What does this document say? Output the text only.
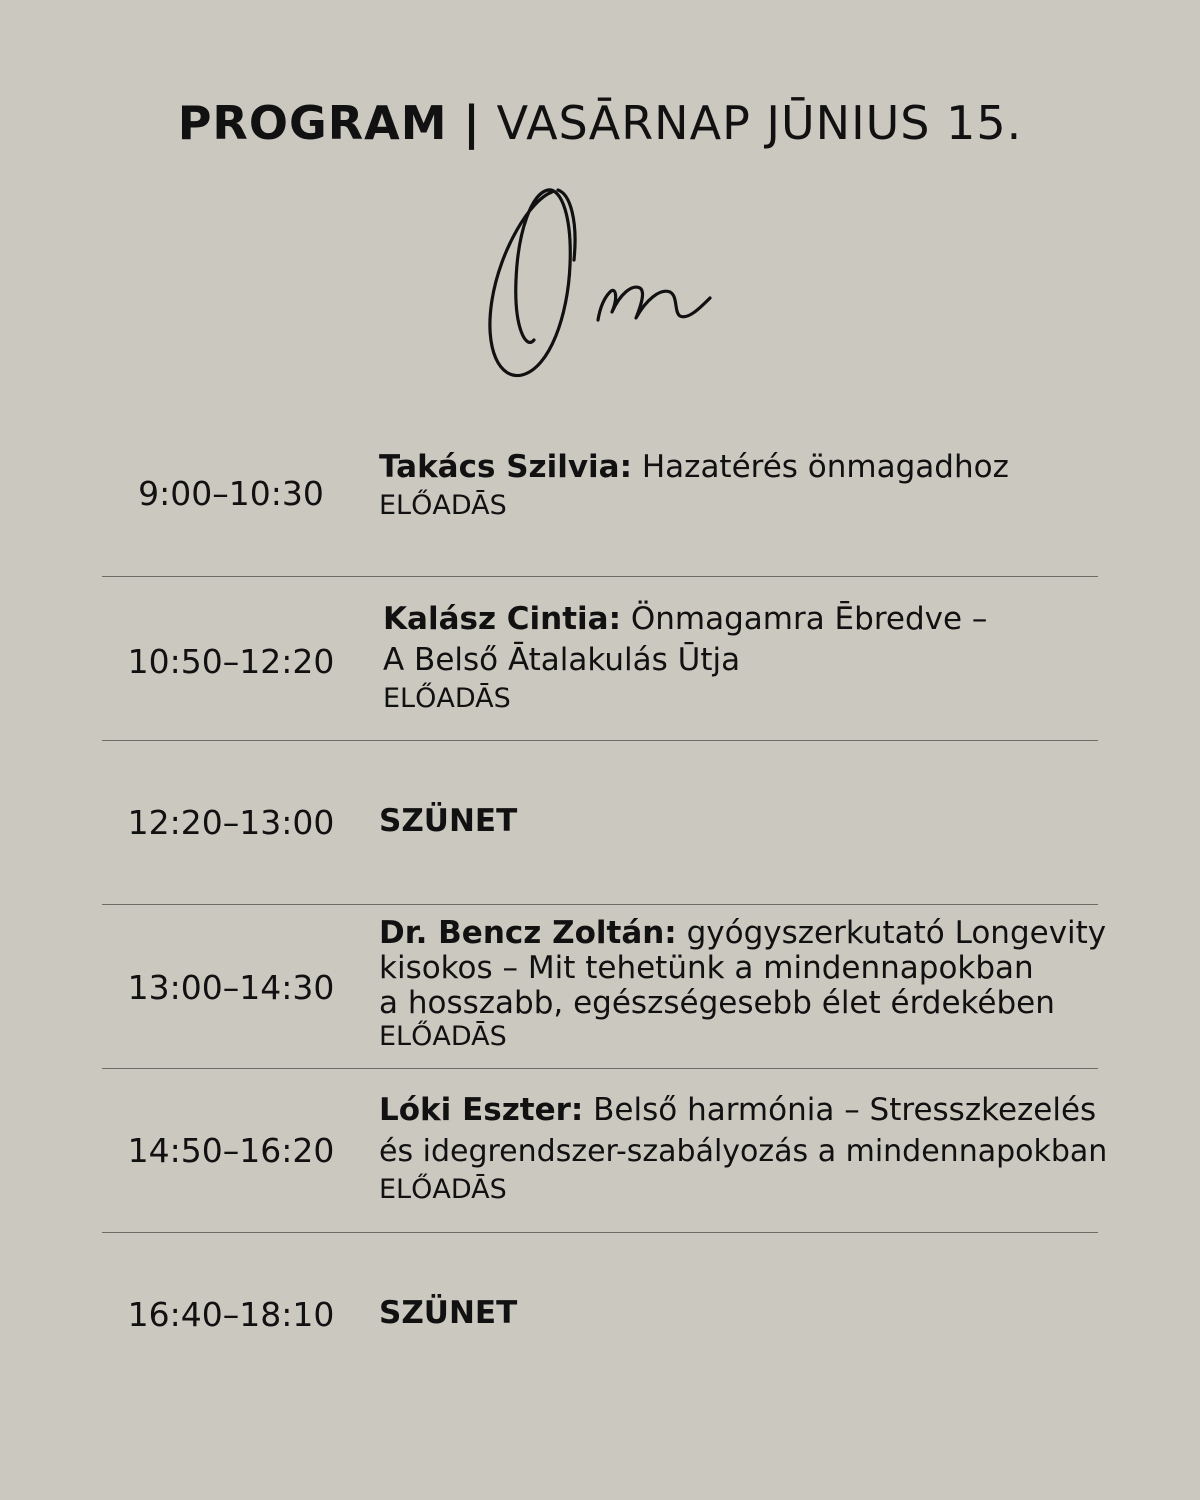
PROGRAM | VASĀRNAP JŪNIUS 15.
9:00–10:30
Takács Szilvia: Hazatérés önmagadhoz
ELŐADĀS
10:50–12:20
Kalász Cintia: Önmagamra Ēbredve –
A Belső Ātalakulás Ūtja
ELŐADĀS
12:20–13:00	SZÜNET
13:00–14:30
Dr. Bencz Zoltán: gyógyszerkutató Longevity
kisokos – Mit tehetünk a mindennapokban
a hosszabb, egészségesebb élet érdekében
ELŐADĀS
14:50–16:20
Lóki Eszter: Belső harmónia – Stresszkezelés
és idegrendszer-szabályozás a mindennapokban
ELŐADĀS
16:40–18:10	SZÜNET
